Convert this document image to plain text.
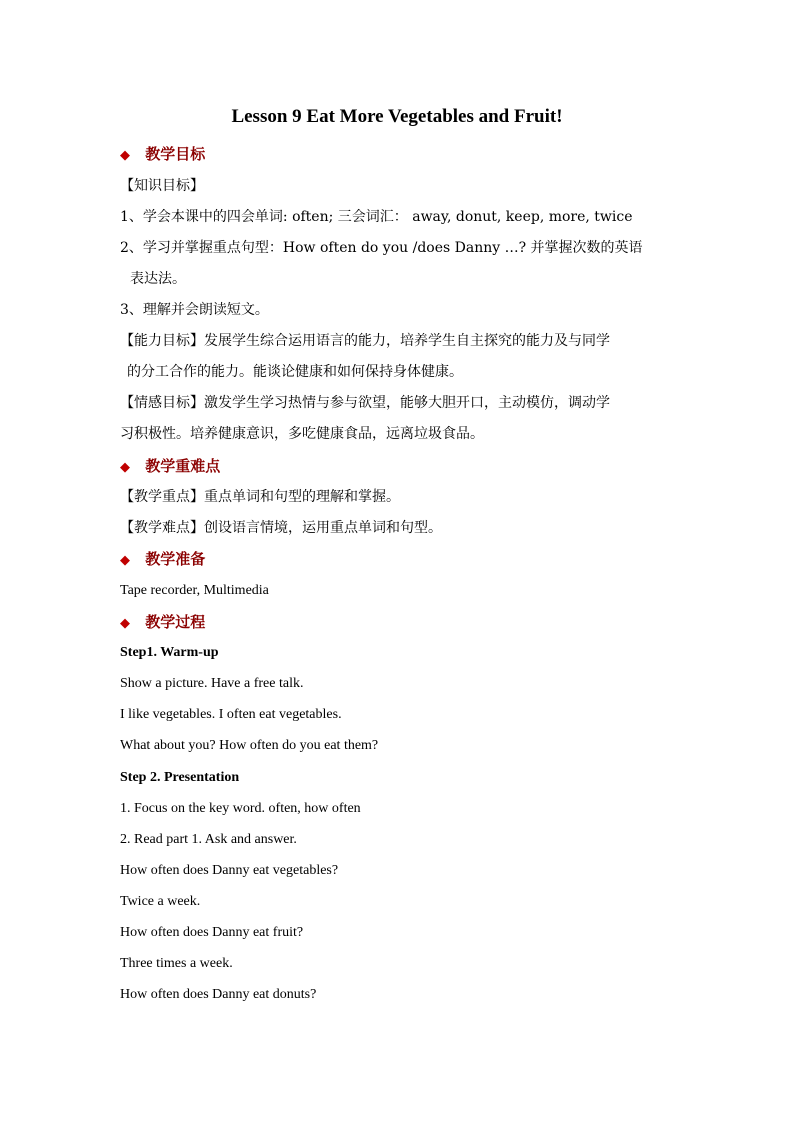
Lesson 9 Eat More Vegetables and Fruit!
◆ 教学目标
【知识目标】
1、学会本课中的四会单词: often; 三会词汇： away, donut, keep, more, twice
2、学习并掌握重点句型：How often do you /does Danny …? 并掌握次数的英语
表达法。
3、理解并会朗读短文。
【能力目标】发展学生综合运用语言的能力，培养学生自主探究的能力及与同学
的分工合作的能力。能谈论健康和如何保持身体健康。
【情感目标】激发学生学习热情与参与欲望，能够大胆开口，主动模仿，调动学
习积极性。培养健康意识，多吃健康食品，远离垃圾食品。
◆ 教学重难点
【教学重点】重点单词和句型的理解和掌握。
【教学难点】创设语言情境，运用重点单词和句型。
◆ 教学准备
Tape recorder, Multimedia
◆ 教学过程
Step1. Warm-up
Show a picture. Have a free talk.
I like vegetables. I often eat vegetables.
What about you? How often do you eat them?
Step 2. Presentation
1. Focus on the key word. often, how often
2. Read part 1. Ask and answer.
How often does Danny eat vegetables?
Twice a week.
How often does Danny eat fruit?
Three times a week.
How often does Danny eat donuts?
